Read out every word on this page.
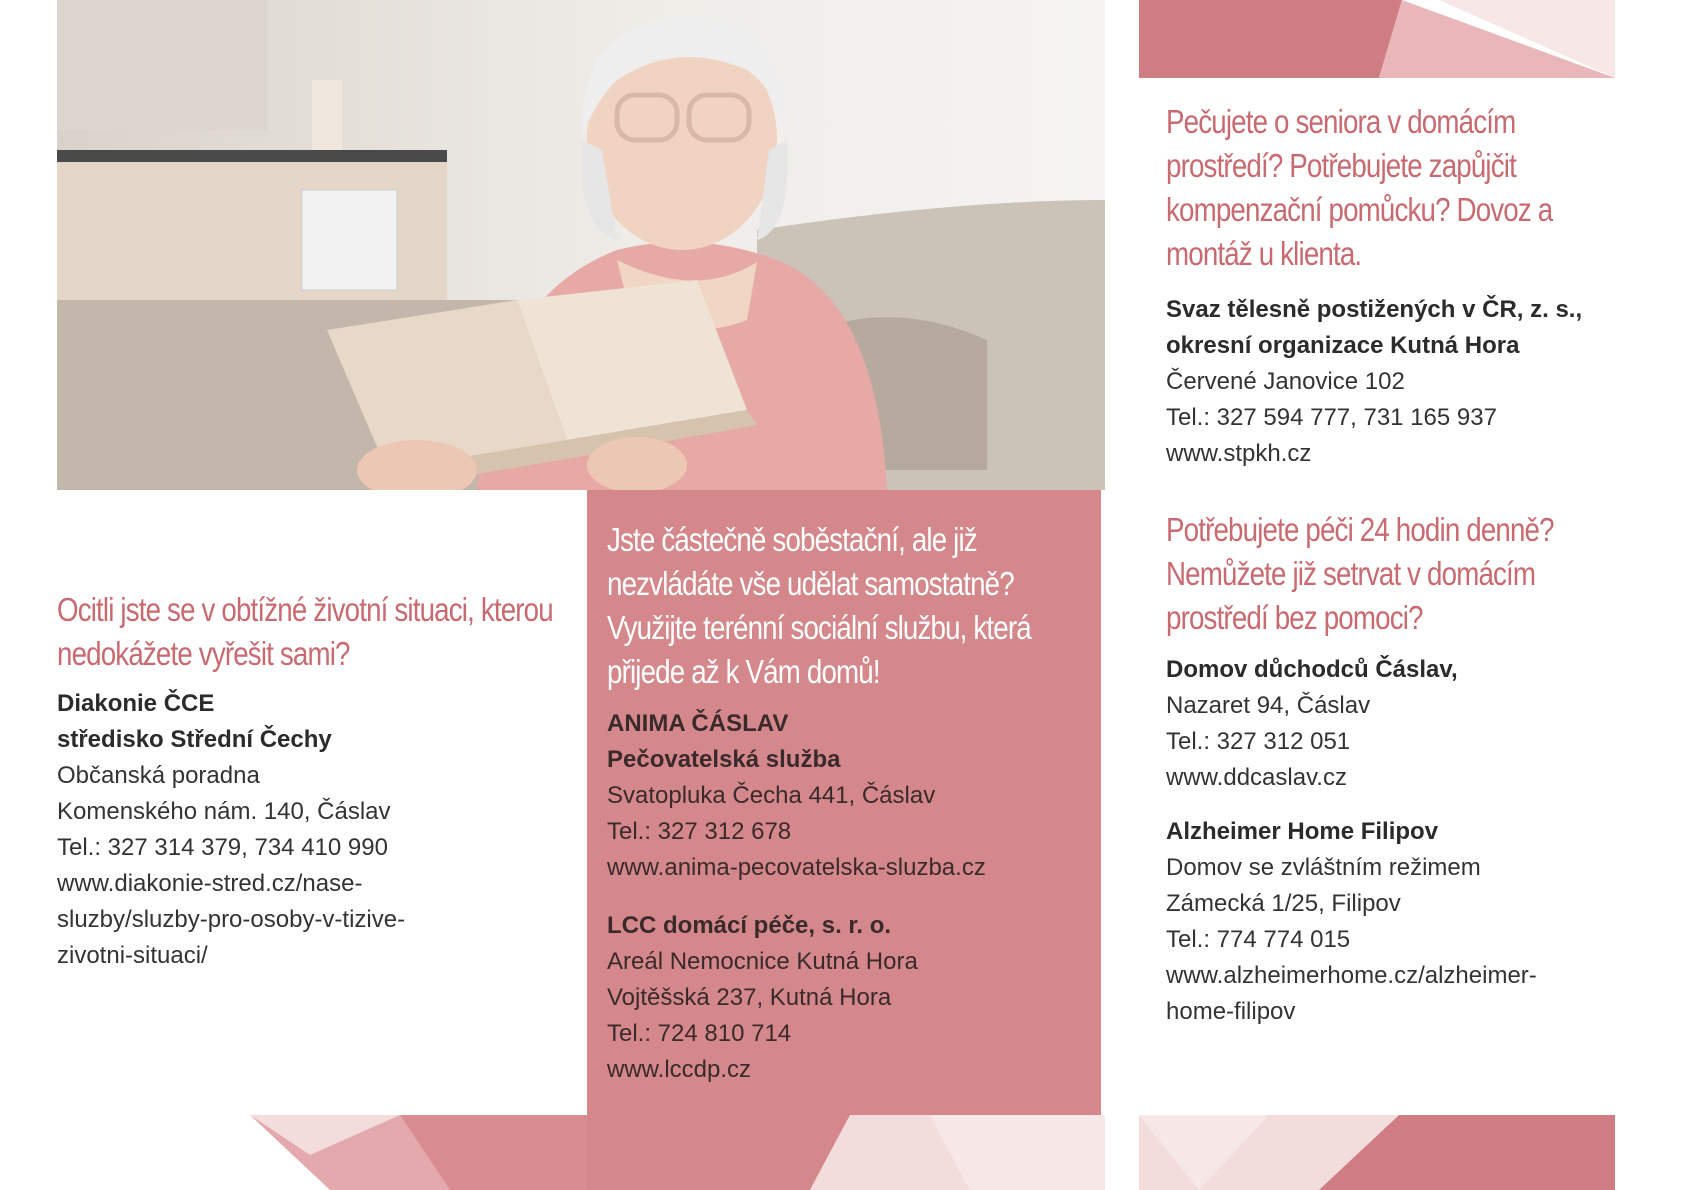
Jste částečně soběstační, ale již nezvládáte vše udělat samostatně? Využijte terénní sociální službu, která přijede až k Vám domů!

ANIMA ČÁSLAV

Pečovatelská služba

Svatopluka Čecha 441, Čáslav

Tel.: 327 312 678

www.anima-pecovatelska-sluzba.cz

LCC domácí péče, s. r. o.

Areál Nemocnice Kutná Hora

Vojtěšská 237, Kutná Hora

Tel.: 724 810 714

www.lccdp.cz

Ocitli jste se v obtížné životní situaci, kterou nedokážete vyřešit sami?

Diakonie ČCE

středisko Střední Čechy

Občanská poradna

Komenského nám. 140, Čáslav

Tel.: 327 314 379, 734 410 990

www.diakonie-stred.cz/nase-

sluzby/sluzby-pro-osoby-v-tizive-

zivotni-situaci/

Pečujete o seniora v domácím prostředí? Potřebujete zapůjčit kompenzační pomůcku? Dovoz a montáž u klienta.

Svaz tělesně postižených v ČR, z. s.,

okresní organizace Kutná Hora

Červené Janovice 102

Tel.: 327 594 777, 731 165 937

www.stpkh.cz

Potřebujete péči 24 hodin denně? Nemůžete již setrvat v domácím prostředí bez pomoci?

Domov důchodců Čáslav,

Nazaret 94, Čáslav

Tel.: 327 312 051

www.ddcaslav.cz

Alzheimer Home Filipov

Domov se zvláštním režimem

Zámecká 1/25, Filipov

Tel.: 774 774 015

www.alzheimerhome.cz/alzheimer-

home-filipov
